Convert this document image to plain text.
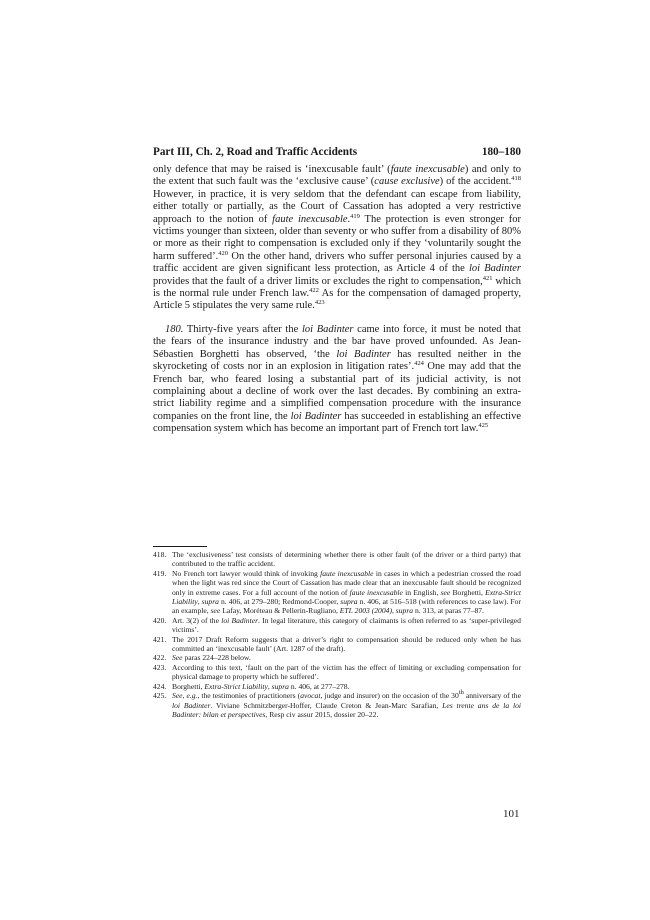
Part III, Ch. 2, Road and Traffic Accidents	180–180

only defence that may be raised is ‘inexcusable fault’ (faute inexcusable) and only to the extent that such fault was the ‘exclusive cause’ (cause exclusive) of the accident.$^{418}$ However, in practice, it is very seldom that the defendant can escape from liability, either totally or partially, as the Court of Cassation has adopted a very restrictive approach to the notion of faute inexcusable.$^{419}$ The protection is even stronger for victims younger than sixteen, older than seventy or who suffer from a disability of 80% or more as their right to compensation is excluded only if they ‘voluntarily sought the harm suffered’.$^{420}$ On the other hand, drivers who suffer personal injuries caused by a traffic accident are given significant less protection, as Article 4 of the loi Badinter provides that the fault of a driver limits or excludes the right to compensation,$^{421}$ which is the normal rule under French law.$^{422}$ As for the compensation of damaged property, Article 5 stipulates the very same rule.$^{423}$

180. Thirty-five years after the loi Badinter came into force, it must be noted that the fears of the insurance industry and the bar have proved unfounded. As Jean-Sébastien Borghetti has observed, ‘the loi Badinter has resulted neither in the skyrocketing of costs nor in an explosion in litigation rates’.$^{424}$ One may add that the French bar, who feared losing a substantial part of its judicial activity, is not complaining about a decline of work over the last decades. By combining an extra-strict liability regime and a simplified compensation procedure with the insurance companies on the front line, the loi Badinter has succeeded in establishing an effective compensation system which has become an important part of French tort law.$^{425}$

418. The ‘exclusiveness’ test consists of determining whether there is other fault (of the driver or a third party) that contributed to the traffic accident.
419. No French tort lawyer would think of invoking faute inexcusable in cases in which a pedestrian crossed the road when the light was red since the Court of Cassation has made clear that an inexcusable fault should be recognized only in extreme cases. For a full account of the notion of faute inexcusable in English, see Borghetti, Extra-Strict Liability, supra n. 406, at 279–280; Redmond-Cooper, supra n. 406, at 516–518 (with references to case law). For an example, see Lafay, Moréteau & Pellerin-Rugliano, ETL 2003 (2004), supra n. 313, at paras 77–87.
420. Art. 3(2) of the loi Badinter. In legal literature, this category of claimants is often referred to as ‘super-privileged victims’.
421. The 2017 Draft Reform suggests that a driver’s right to compensation should be reduced only when he has committed an ‘inexcusable fault’ (Art. 1287 of the draft).
422. See paras 224–228 below.
423. According to this text, ‘fault on the part of the victim has the effect of limiting or excluding compensation for physical damage to property which he suffered’.
424. Borghetti, Extra-Strict Liability, supra n. 406, at 277–278.
425. See, e.g., the testimonies of practitioners (avocat, judge and insurer) on the occasion of the 30th anniversary of the loi Badinter. Viviane Schmitzberger-Hoffer, Claude Creton & Jean-Marc Sarafian, Les trente ans de la loi Badinter: bilan et perspectives, Resp civ assur 2015, dossier 20–22.
101
